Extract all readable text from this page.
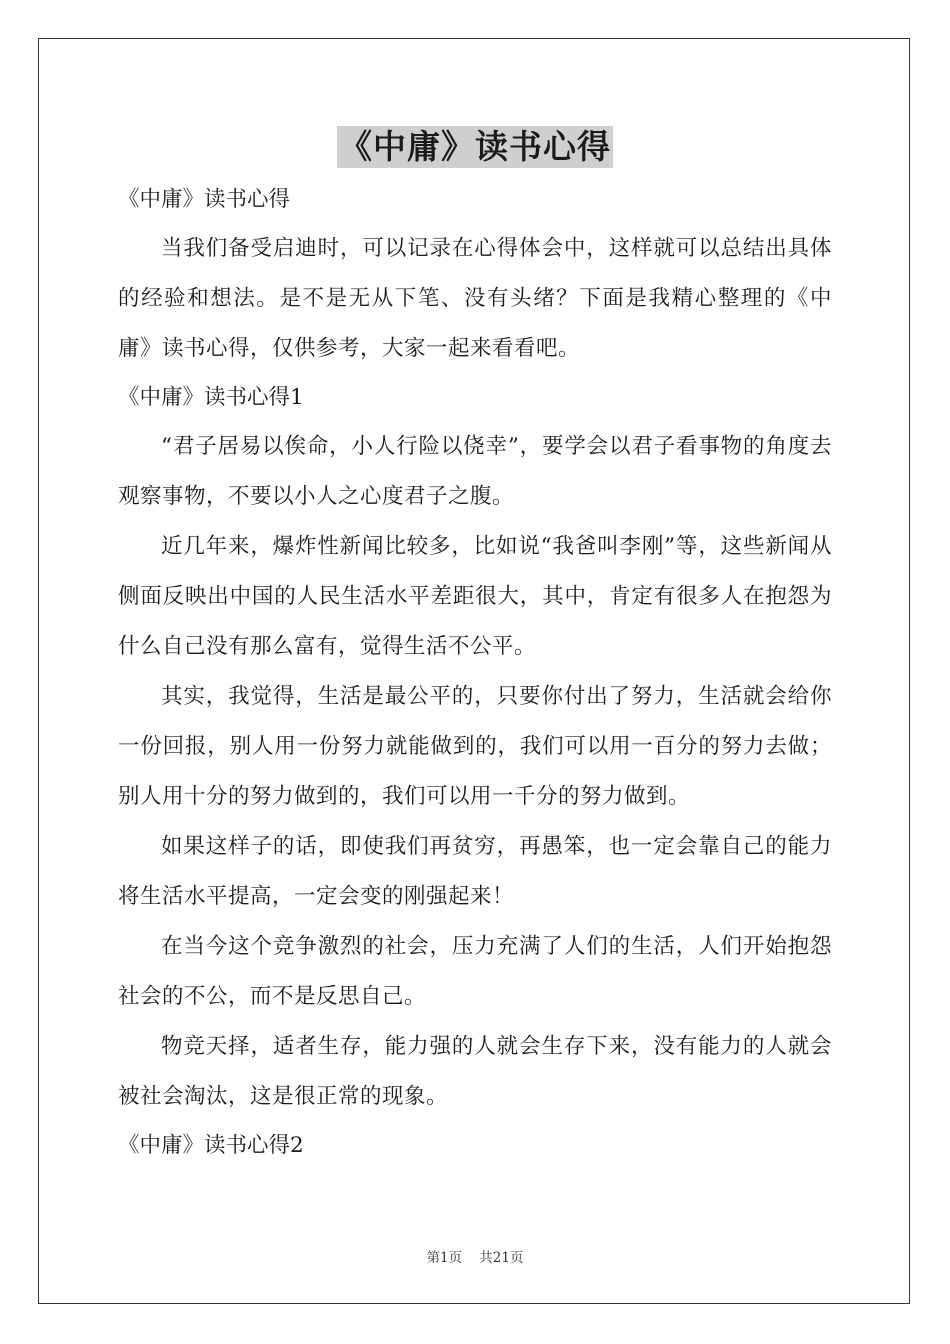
《中庸》读书心得

《中庸》读书心得

当我们备受启迪时，可以记录在心得体会中，这样就可以总结出具体的经验和想法。是不是无从下笔、没有头绪？下面是我精心整理的《中庸》读书心得，仅供参考，大家一起来看看吧。

《中庸》读书心得1

“君子居易以俟命，小人行险以侥幸”，要学会以君子看事物的角度去观察事物，不要以小人之心度君子之腹。

近几年来，爆炸性新闻比较多，比如说“我爸叫李刚”等，这些新闻从侧面反映出中国的人民生活水平差距很大，其中，肯定有很多人在抱怨为什么自己没有那么富有，觉得生活不公平。

其实，我觉得，生活是最公平的，只要你付出了努力，生活就会给你一份回报，别人用一份努力就能做到的，我们可以用一百分的努力去做；别人用十分的努力做到的，我们可以用一千分的努力做到。

如果这样子的话，即使我们再贫穷，再愚笨，也一定会靠自己的能力将生活水平提高，一定会变的刚强起来！

在当今这个竞争激烈的社会，压力充满了人们的生活，人们开始抱怨社会的不公，而不是反思自己。

物竞天择，适者生存，能力强的人就会生存下来，没有能力的人就会被社会淘汰，这是很正常的现象。

《中庸》读书心得2

第1页 共21页
